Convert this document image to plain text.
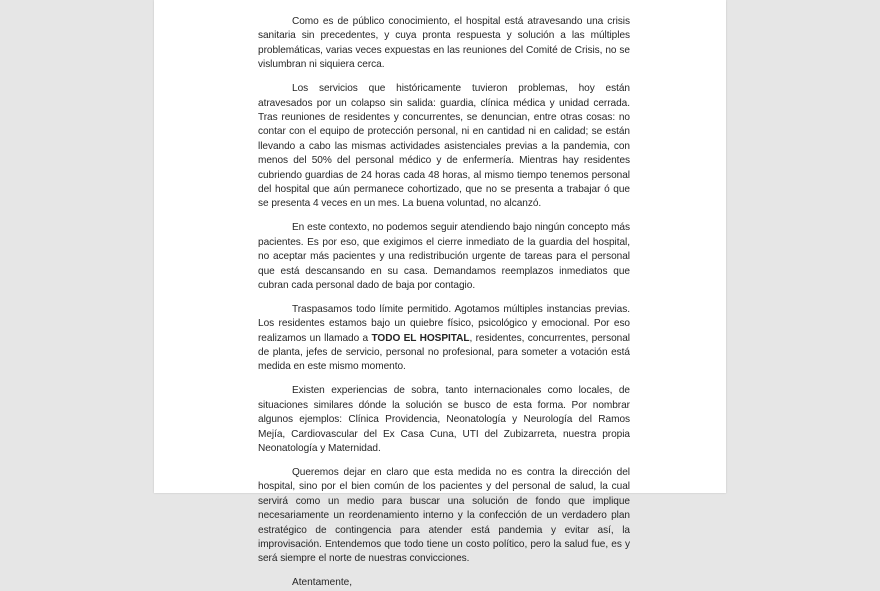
Como es de público conocimiento, el hospital está atravesando una crisis sanitaria sin precedentes, y cuya pronta respuesta y solución a las múltiples problemáticas, varias veces expuestas en las reuniones del Comité de Crisis, no se vislumbran ni siquiera cerca.

Los servicios que históricamente tuvieron problemas, hoy están atravesados por un colapso sin salida: guardia, clínica médica y unidad cerrada. Tras reuniones de residentes y concurrentes, se denuncian, entre otras cosas: no contar con el equipo de protección personal, ni en cantidad ni en calidad; se están llevando a cabo las mismas actividades asistenciales previas a la pandemia, con menos del 50% del personal médico y de enfermería. Mientras hay residentes cubriendo guardias de 24 horas cada 48 horas, al mismo tiempo tenemos personal del hospital que aún permanece cohortizado, que no se presenta a trabajar ó que se presenta 4 veces en un mes. La buena voluntad, no alcanzó.

En este contexto, no podemos seguir atendiendo bajo ningún concepto más pacientes. Es por eso, que exigimos el cierre inmediato de la guardia del hospital, no aceptar más pacientes y una redistribución urgente de tareas para el personal que está descansando en su casa. Demandamos reemplazos inmediatos que cubran cada personal dado de baja por contagio.

Traspasamos todo límite permitido. Agotamos múltiples instancias previas. Los residentes estamos bajo un quiebre físico, psicológico y emocional. Por eso realizamos un llamado a TODO EL HOSPITAL, residentes, concurrentes, personal de planta, jefes de servicio, personal no profesional, para someter a votación está medida en este mismo momento.

Existen experiencias de sobra, tanto internacionales como locales, de situaciones similares dónde la solución se busco de esta forma. Por nombrar algunos ejemplos: Clínica Providencia, Neonatología y Neurología del Ramos Mejía, Cardiovascular del Ex Casa Cuna, UTI del Zubizarreta, nuestra propia Neonatología y Maternidad.

Queremos dejar en claro que esta medida no es contra la dirección del hospital, sino por el bien común de los pacientes y del personal de salud, la cual servirá como un medio para buscar una solución de fondo que implique necesariamente un reordenamiento interno y la confección de un verdadero plan estratégico de contingencia para atender está pandemia y evitar así, la improvisación. Entendemos que todo tiene un costo político, pero la salud fue, es y será siempre el norte de nuestras convicciones.

Atentamente,
